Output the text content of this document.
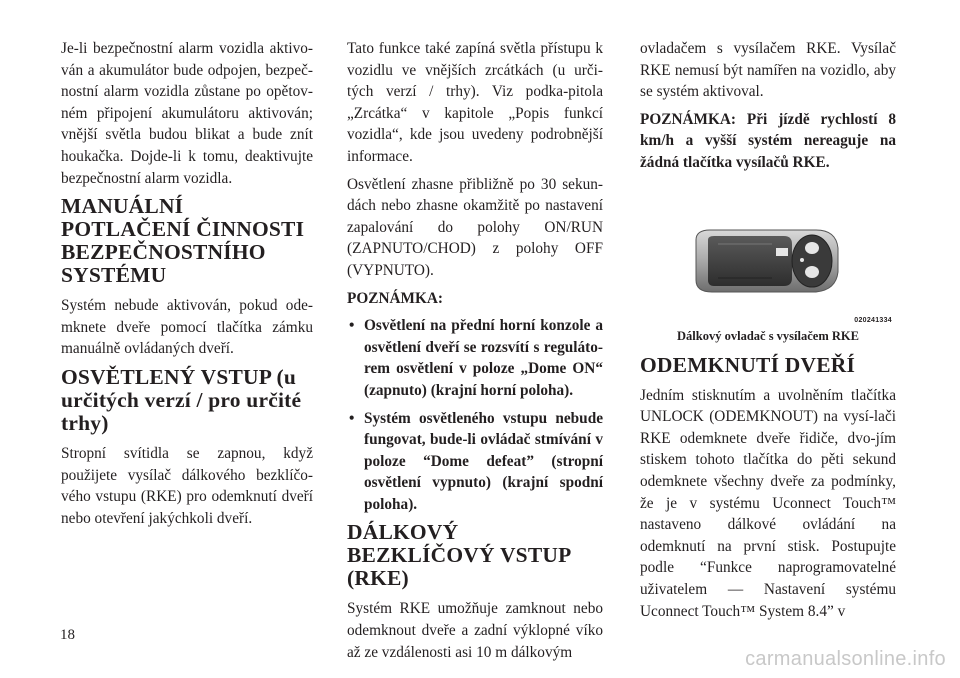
Je-li bezpečnostní alarm vozidla aktivo-ván a akumulátor bude odpojen, bezpeč-nostní alarm vozidla zůstane po opětov-ném připojení akumulátoru aktivován; vnější světla budou blikat a bude znít houkačka. Dojde-li k tomu, deaktivujte bezpečnostní alarm vozidla.

MANUÁLNÍ POTLAČENÍ ČINNOSTI BEZPEČNOSTNÍHO SYSTÉMU

Systém nebude aktivován, pokud ode-mknete dveře pomocí tlačítka zámku manuálně ovládaných dveří.

OSVĚTLENÝ VSTUP (u určitých verzí / pro určité trhy)

Stropní svítidla se zapnou, když použijete vysílač dálkového bezklíčo-vého vstupu (RKE) pro odemknutí dveří nebo otevření jakýchkoli dveří.

Tato funkce také zapíná světla přístupu k vozidlu ve vnějších zrcátkách (u urči-tých verzí / trhy). Viz podka-pitola „Zrcátka“ v kapitole „Popis funkcí vozidla“, kde jsou uvedeny podrobnější informace.

Osvětlení zhasne přibližně po 30 sekun-dách nebo zhasne okamžitě po nastavení zapalování do polohy ON/RUN (ZAPNUTO/CHOD) z polohy OFF (VYPNUTO).

POZNÁMKA:

• Osvětlení na přední horní konzole a osvětlení dveří se rozsvítí s reguláto-rem osvětlení v poloze „Dome ON“ (zapnuto) (krajní horní poloha).
• Systém osvětleného vstupu nebude fungovat, bude-li ovládač stmívání v poloze “Dome defeat” (stropní osvětlení vypnuto) (krajní spodní poloha).
DÁLKOVÝ BEZKLÍČOVÝ VSTUP (RKE)

Systém RKE umožňuje zamknout nebo odemknout dveře a zadní výklopné víko až ze vzdálenosti asi 10 m dálkovým

ovladačem s vysílačem RKE. Vysílač RKE nemusí být namířen na vozidlo, aby se systém aktivoval.

POZNÁMKA: Při jízdě rychlostí 8 km/h a vyšší systém nereaguje na žádná tlačítka vysílačů RKE.

020241334
Dálkový ovladač s vysílačem RKE
ODEMKNUTÍ DVEŘÍ

Jedním stisknutím a uvolněním tlačítka UNLOCK (ODEMKNOUT) na vysí-lači RKE odemknete dveře řidiče, dvo-jím stiskem tohoto tlačítka do pěti sekund odemknete všechny dveře za podmínky, že je v systému Uconnect Touch™ nastaveno dálkové ovládání na odemknutí na první stisk. Postupujte podle “Funkce naprogramovatelné uživatelem — Nastavení systému Uconnect Touch™ System 8.4” v

18
carmanualsonline.info
